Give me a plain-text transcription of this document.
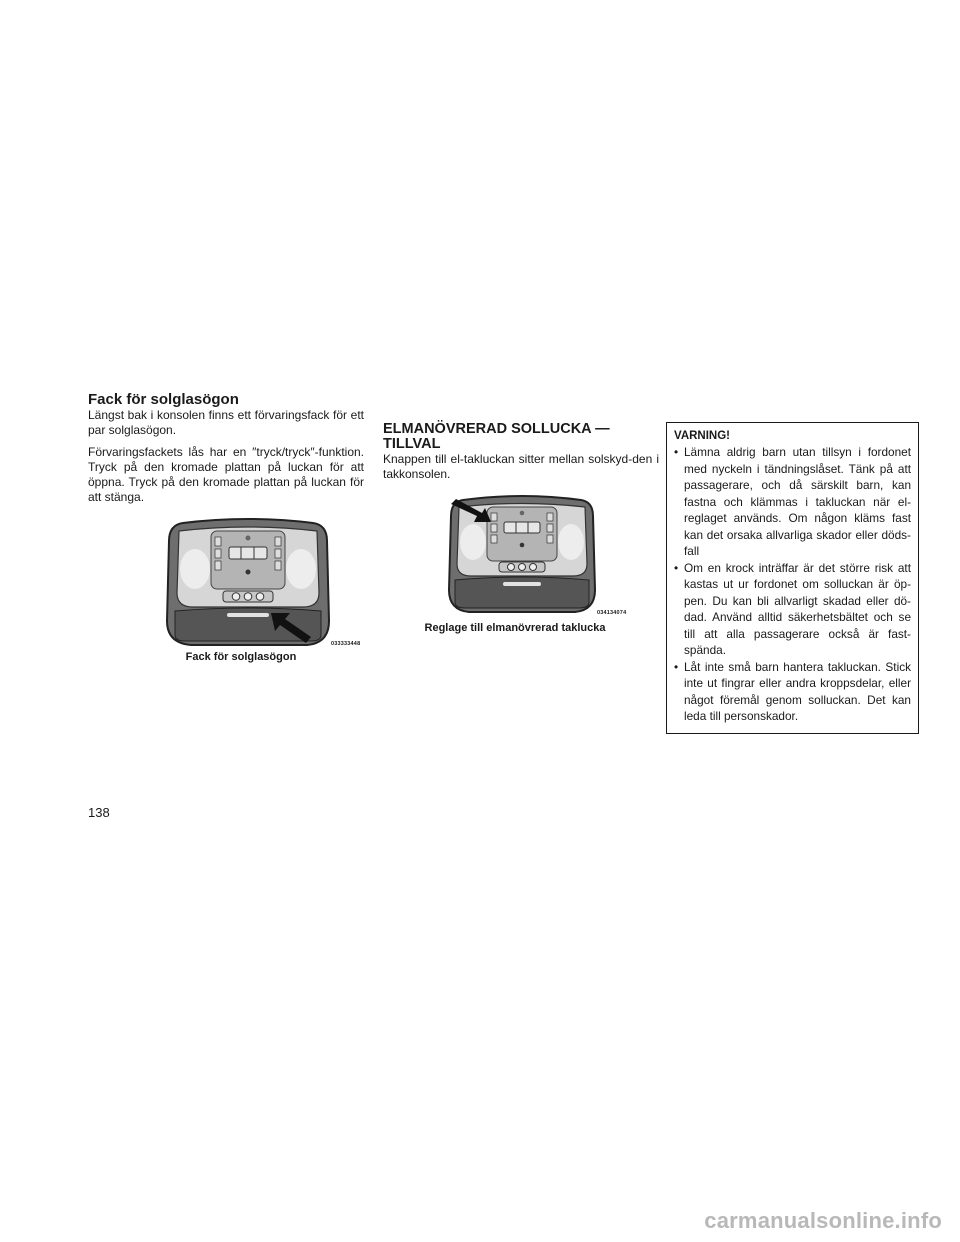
Fack för solglasögon

Längst bak i konsolen finns ett förvaringsfack för ett par solglasögon.

Förvaringsfackets lås har en ″tryck/tryck″-funktion. Tryck på den kromade plattan på luckan för att öppna. Tryck på den kromade plattan på luckan för att stänga.

033333448
Fack för solglasögon
ELMANÖVRERAD SOLLUCKA — TILLVAL

Knappen till el-takluckan sitter mellan solskyd-den i takkonsolen.

034134074
Reglage till elmanövrerad taklucka
VARNING!
• Lämna aldrig barn utan tillsyn i fordonet med nyckeln i tändningslåset. Tänk på att passagerare, och då särskilt barn, kan fastna och klämmas i takluckan när el-reglaget används. Om någon kläms fast kan det orsaka allvarliga skador eller döds-fall
• Om en krock inträffar är det större risk att kastas ut ur fordonet om solluckan är öp-pen. Du kan bli allvarligt skadad eller dö-dad. Använd alltid säkerhetsbältet och se till att alla passagerare också är fast-spända.
• Låt inte små barn hantera takluckan. Stick inte ut fingrar eller andra kroppsdelar, eller något föremål genom solluckan. Det kan leda till personskador.
138
carmanualsonline.info
